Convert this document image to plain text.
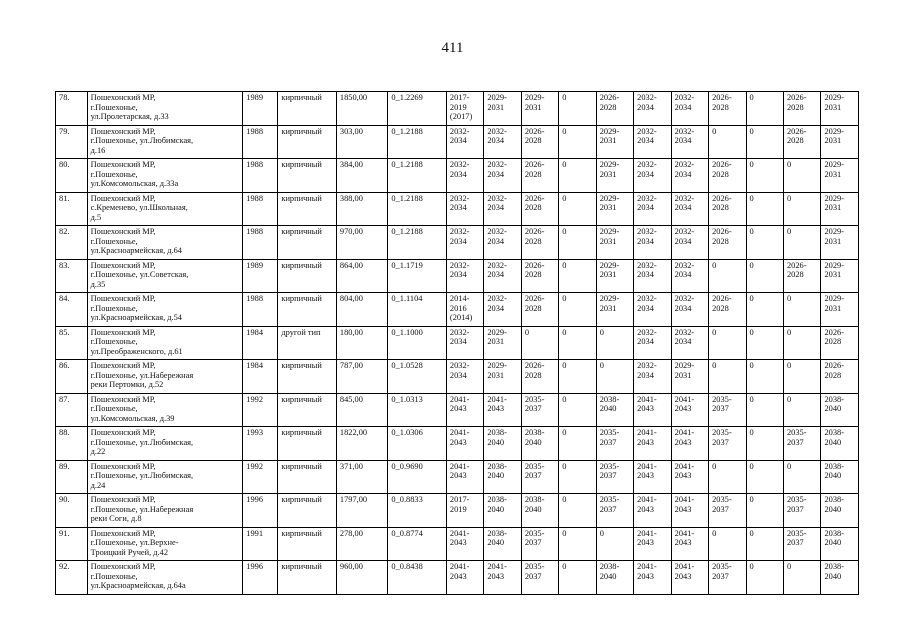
411
78.	Пошехонский МР,
г.Пошехонье,
ул.Пролетарская, д.33	1989	кирпичный	1850,00	0_1.2269	2017-
2019
(2017)	2029-
2031	2029-
2031	0	2026-
2028	2032-
2034	2032-
2034	2026-
2028	0	2026-
2028	2029-
2031
79.	Пошехонский МР,
г.Пошехонье, ул.Любимская,
д.16	1988	кирпичный	303,00	0_1.2188	2032-
2034	2032-
2034	2026-
2028	0	2029-
2031	2032-
2034	2032-
2034	0	0	2026-
2028	2029-
2031
80.	Пошехонский МР,
г.Пошехонье,
ул.Комсомольская, д.33а	1988	кирпичный	384,00	0_1.2188	2032-
2034	2032-
2034	2026-
2028	0	2029-
2031	2032-
2034	2032-
2034	2026-
2028	0	0	2029-
2031
81.	Пошехонский МР,
с.Кременево, ул.Школьная,
д.5	1988	кирпичный	388,00	0_1.2188	2032-
2034	2032-
2034	2026-
2028	0	2029-
2031	2032-
2034	2032-
2034	2026-
2028	0	0	2029-
2031
82.	Пошехонский МР,
г.Пошехонье,
ул.Красноармейская, д.64	1988	кирпичный	970,00	0_1.2188	2032-
2034	2032-
2034	2026-
2028	0	2029-
2031	2032-
2034	2032-
2034	2026-
2028	0	0	2029-
2031
83.	Пошехонский МР,
г.Пошехонье, ул.Советская,
д.35	1989	кирпичный	864,00	0_1.1719	2032-
2034	2032-
2034	2026-
2028	0	2029-
2031	2032-
2034	2032-
2034	0	0	2026-
2028	2029-
2031
84.	Пошехонский МР,
г.Пошехонье,
ул.Красноармейская, д.54	1988	кирпичный	804,00	0_1.1104	2014-
2016
(2014)	2032-
2034	2026-
2028	0	2029-
2031	2032-
2034	2032-
2034	2026-
2028	0	0	2029-
2031
85.	Пошехонский МР,
г.Пошехонье,
ул.Преображенского, д.61	1984	другой тип	180,00	0_1.1000	2032-
2034	2029-
2031	0	0	0	2032-
2034	2032-
2034	0	0	0	2026-
2028
86.	Пошехонский МР,
г.Пошехонье, ул.Набережная
реки Пертомки, д.52	1984	кирпичный	787,00	0_1.0528	2032-
2034	2029-
2031	2026-
2028	0	0	2032-
2034	2029-
2031	0	0	0	2026-
2028
87.	Пошехонский МР,
г.Пошехонье,
ул.Комсомольская, д.39	1992	кирпичный	845,00	0_1.0313	2041-
2043	2041-
2043	2035-
2037	0	2038-
2040	2041-
2043	2041-
2043	2035-
2037	0	0	2038-
2040
88.	Пошехонский МР,
г.Пошехонье, ул.Любимская,
д.22	1993	кирпичный	1822,00	0_1.0306	2041-
2043	2038-
2040	2038-
2040	0	2035-
2037	2041-
2043	2041-
2043	2035-
2037	0	2035-
2037	2038-
2040
89.	Пошехонский МР,
г.Пошехонье, ул.Любимская,
д.24	1992	кирпичный	371,00	0_0.9690	2041-
2043	2038-
2040	2035-
2037	0	2035-
2037	2041-
2043	2041-
2043	0	0	0	2038-
2040
90.	Пошехонский МР,
г.Пошехонье, ул.Набережная
реки Соги, д.8	1996	кирпичный	1797,00	0_0.8833	2017-
2019	2038-
2040	2038-
2040	0	2035-
2037	2041-
2043	2041-
2043	2035-
2037	0	2035-
2037	2038-
2040
91.	Пошехонский МР,
г.Пошехонье, ул.Верхне-
Троицкий Ручей, д.42	1991	кирпичный	278,00	0_0.8774	2041-
2043	2038-
2040	2035-
2037	0	0	2041-
2043	2041-
2043	0	0	2035-
2037	2038-
2040
92.	Пошехонский МР,
г.Пошехонье,
ул.Красноармейская, д.64а	1996	кирпичный	960,00	0_0.8438	2041-
2043	2041-
2043	2035-
2037	0	2038-
2040	2041-
2043	2041-
2043	2035-
2037	0	0	2038-
2040
